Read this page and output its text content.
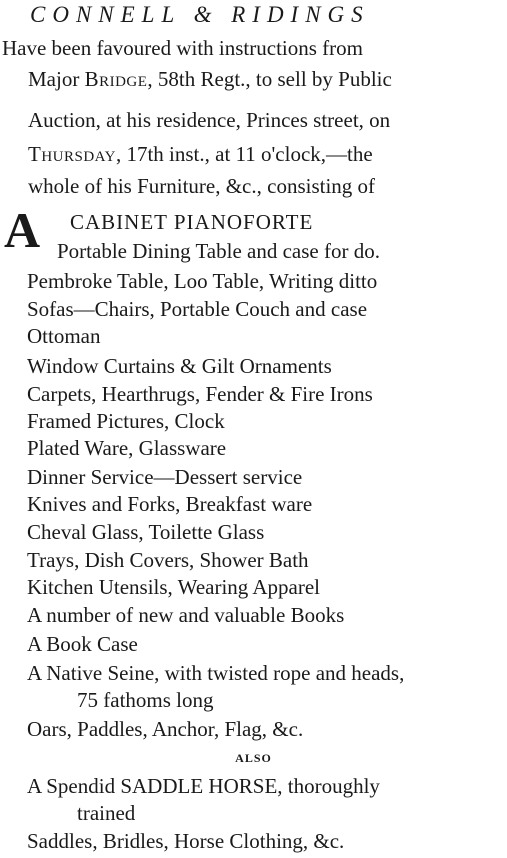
CONNELL & RIDINGS
Have been favoured with instructions from
Major Bridge, 58th Regt., to sell by Public
Auction, at his residence, Princes street, on
Thursday, 17th inst., at 11 o'clock,—the
whole of his Furniture, &c., consisting of
A CABINET PIANOFORTE
Portable Dining Table and case for do.
Pembroke Table, Loo Table, Writing ditto
Sofas—Chairs, Portable Couch and case
Ottoman
Window Curtains & Gilt Ornaments
Carpets, Hearthrugs, Fender & Fire Irons
Framed Pictures, Clock
Plated Ware, Glassware
Dinner Service—Dessert service
Knives and Forks, Breakfast ware
Cheval Glass, Toilette Glass
Trays, Dish Covers, Shower Bath
Kitchen Utensils, Wearing Apparel
A number of new and valuable Books
A Book Case
A Native Seine, with twisted rope and heads,
75 fathoms long
Oars, Paddles, Anchor, Flag, &c.
ALSO
A Spendid SADDLE HORSE, thoroughly
trained
Saddles, Bridles, Horse Clothing, &c.
